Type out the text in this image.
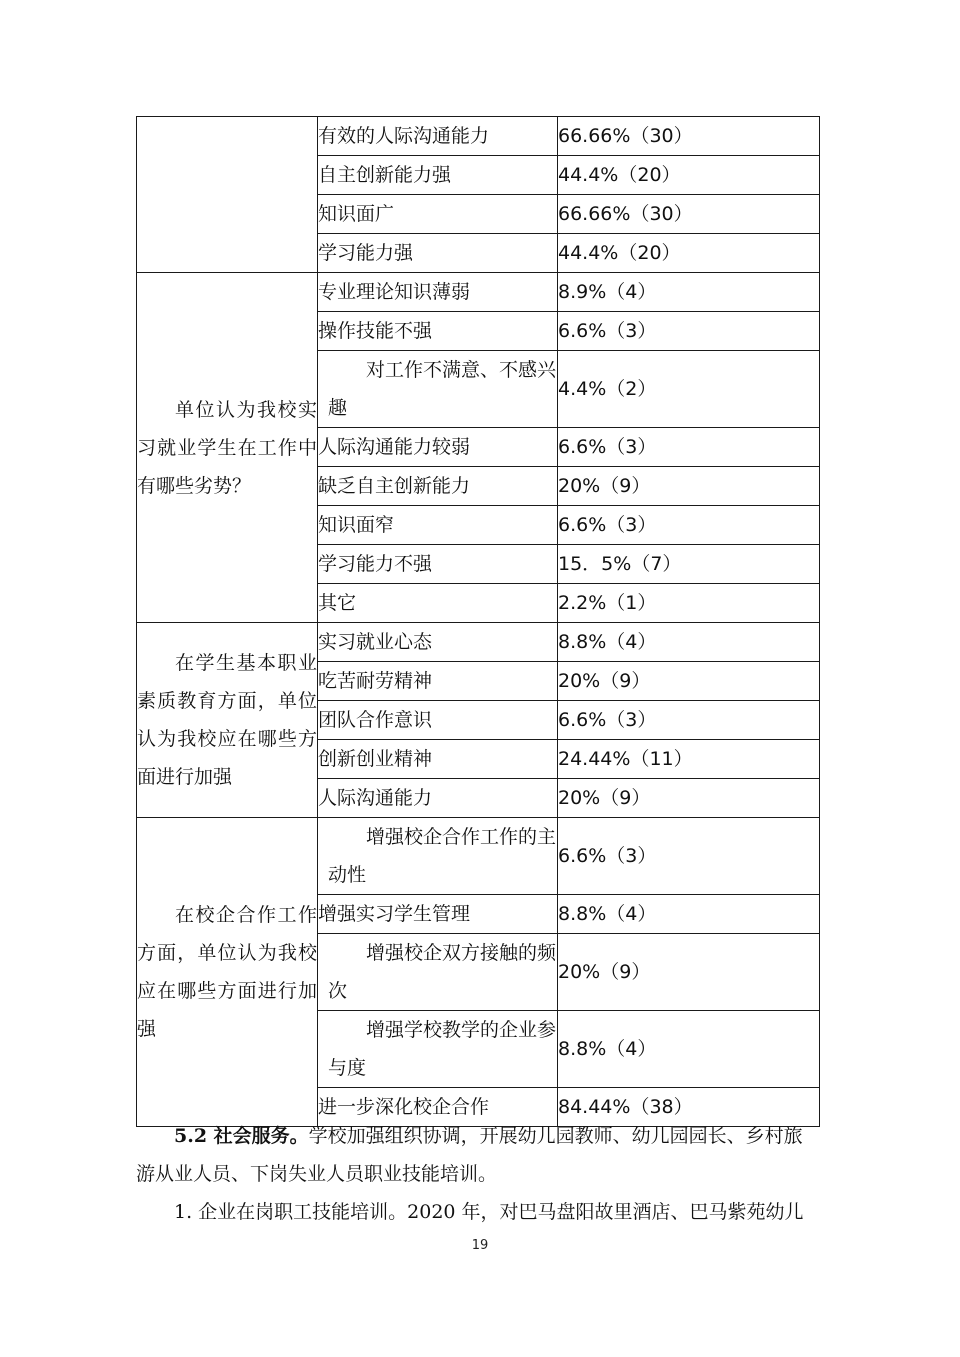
	有效的人际沟通能力	66.66%（30）
	自主创新能力强	44.4%（20）
	知识面广	66.66%（30）
	学习能力强	44.4%（20）

单位认为我校实习就业学生在工作中有哪些劣势？	专业理论知识薄弱	8.9%（4）
	操作技能不强	6.6%（3）
	对工作不满意、不感兴趣	4.4%（2）
	人际沟通能力较弱	6.6%（3）
	缺乏自主创新能力	20%（9）
	知识面窄	6.6%（3）
	学习能力不强	15．5%（7）
	其它	2.2%（1）

在学生基本职业素质教育方面，单位认为我校应在哪些方面进行加强	实习就业心态	8.8%（4）
	吃苦耐劳精神	20%（9）
	团队合作意识	6.6%（3）
	创新创业精神	24.44%（11）
	人际沟通能力	20%（9）

在校企合作工作方面，单位认为我校应在哪些方面进行加强	增强校企合作工作的主动性	6.6%（3）
	增强实习学生管理	8.8%（4）
	增强校企双方接触的频次	20%（9）
	增强学校教学的企业参与度	8.8%（4）
	进一步深化校企合作	84.44%（38）

5.2 社会服务。学校加强组织协调，开展幼儿园教师、幼儿园园长、乡村旅游从业人员、下岗失业人员职业技能培训。

1. 企业在岗职工技能培训。2020 年，对巴马盘阳故里酒店、巴马紫苑幼儿

19
